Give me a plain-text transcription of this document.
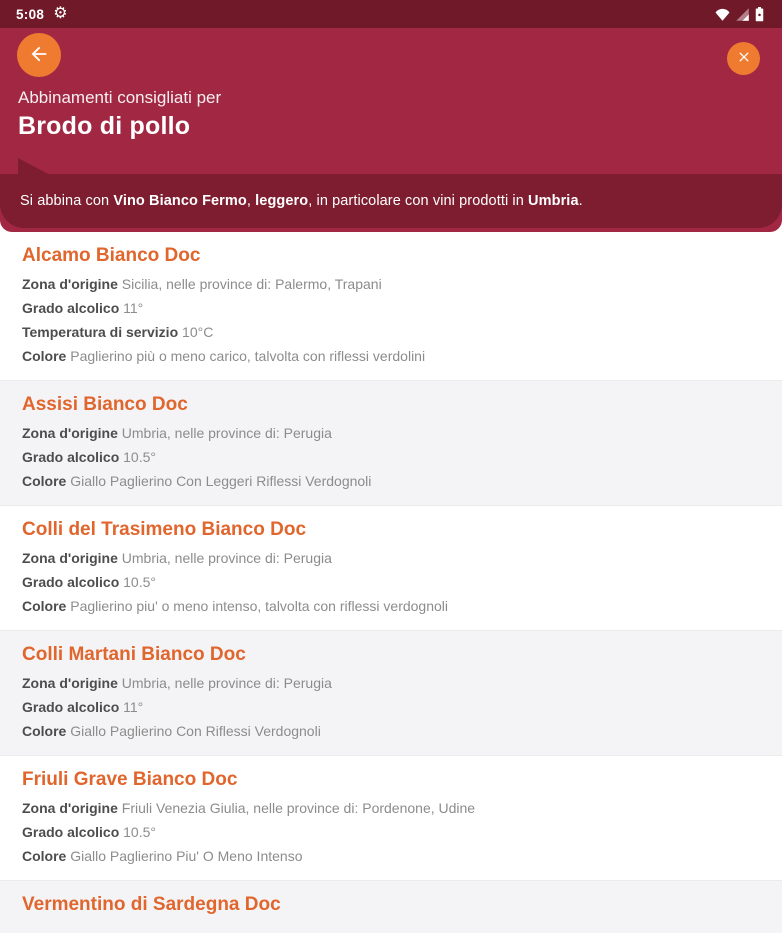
5:08 ⚙
Abbinamenti consigliati per
Brodo di pollo

Si abbina con Vino Bianco Fermo, leggero, in particolare con vini prodotti in Umbria.

Alcamo Bianco Doc
Zona d'origine Sicilia, nelle province di: Palermo, Trapani
Grado alcolico 11°
Temperatura di servizio 10°C
Colore Paglierino più o meno carico, talvolta con riflessi verdolini
Assisi Bianco Doc
Zona d'origine Umbria, nelle province di: Perugia
Grado alcolico 10.5°
Colore Giallo Paglierino Con Leggeri Riflessi Verdognoli
Colli del Trasimeno Bianco Doc
Zona d'origine Umbria, nelle province di: Perugia
Grado alcolico 10.5°
Colore Paglierino piu' o meno intenso, talvolta con riflessi verdognoli
Colli Martani Bianco Doc
Zona d'origine Umbria, nelle province di: Perugia
Grado alcolico 11°
Colore Giallo Paglierino Con Riflessi Verdognoli
Friuli Grave Bianco Doc
Zona d'origine Friuli Venezia Giulia, nelle province di: Pordenone, Udine
Grado alcolico 10.5°
Colore Giallo Paglierino Piu' O Meno Intenso
Vermentino di Sardegna Doc
